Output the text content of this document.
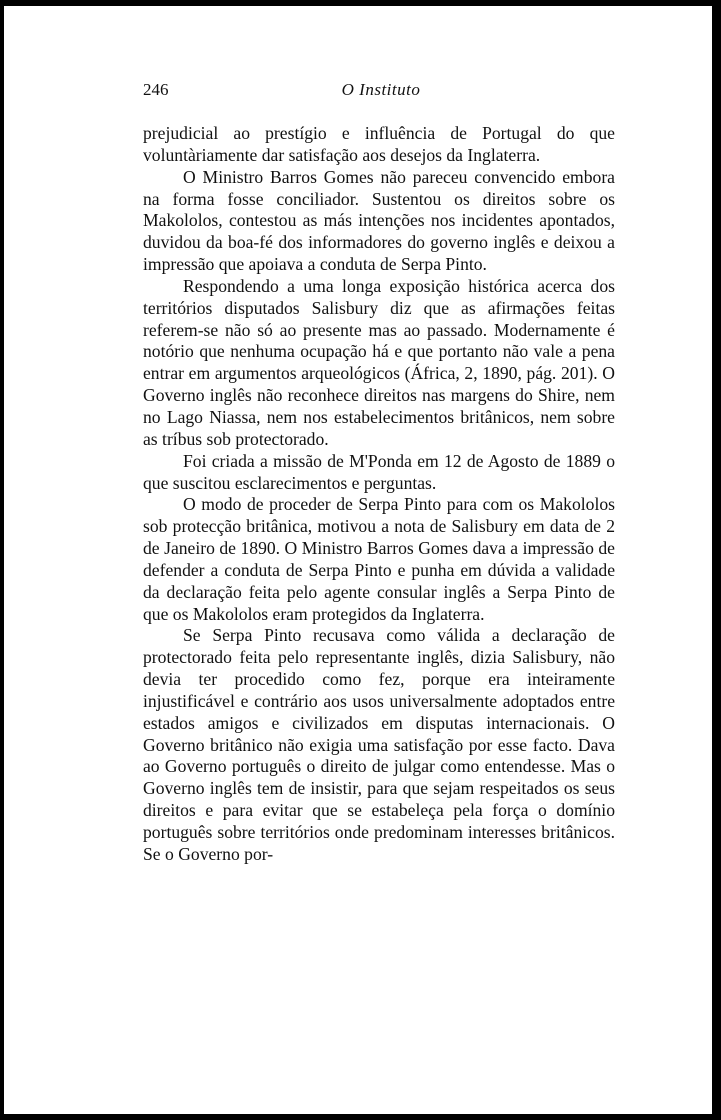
246	O Instituto

prejudicial ao prestígio e influência de Portugal do que voluntàriamente dar satisfação aos desejos da Inglaterra.

O Ministro Barros Gomes não pareceu convencido embora na forma fosse conciliador. Sustentou os direitos sobre os Makololos, contestou as más intenções nos incidentes apontados, duvidou da boa-fé dos informadores do governo inglês e deixou a impressão que apoiava a conduta de Serpa Pinto.

Respondendo a uma longa exposição histórica acerca dos territórios disputados Salisbury diz que as afirmações feitas referem-se não só ao presente mas ao passado. Modernamente é notório que nenhuma ocupação há e que portanto não vale a pena entrar em argumentos arqueológicos (África, 2, 1890, pág. 201). O Governo inglês não reconhece direitos nas margens do Shire, nem no Lago Niassa, nem nos estabelecimentos britânicos, nem sobre as tríbus sob protectorado.

Foi criada a missão de M'Ponda em 12 de Agosto de 1889 o que suscitou esclarecimentos e perguntas.

O modo de proceder de Serpa Pinto para com os Makololos sob protecção britânica, motivou a nota de Salisbury em data de 2 de Janeiro de 1890. O Ministro Barros Gomes dava a impressão de defender a conduta de Serpa Pinto e punha em dúvida a validade da declaração feita pelo agente consular inglês a Serpa Pinto de que os Makololos eram protegidos da Inglaterra.

Se Serpa Pinto recusava como válida a declaração de protectorado feita pelo representante inglês, dizia Salisbury, não devia ter procedido como fez, porque era inteiramente injustificável e contrário aos usos universalmente adoptados entre estados amigos e civilizados em disputas internacionais. O Governo britânico não exigia uma satisfação por esse facto. Dava ao Governo português o direito de julgar como entendesse. Mas o Governo inglês tem de insistir, para que sejam respeitados os seus direitos e para evitar que se estabeleça pela força o domínio português sobre territórios onde predominam interesses britânicos. Se o Governo por-
